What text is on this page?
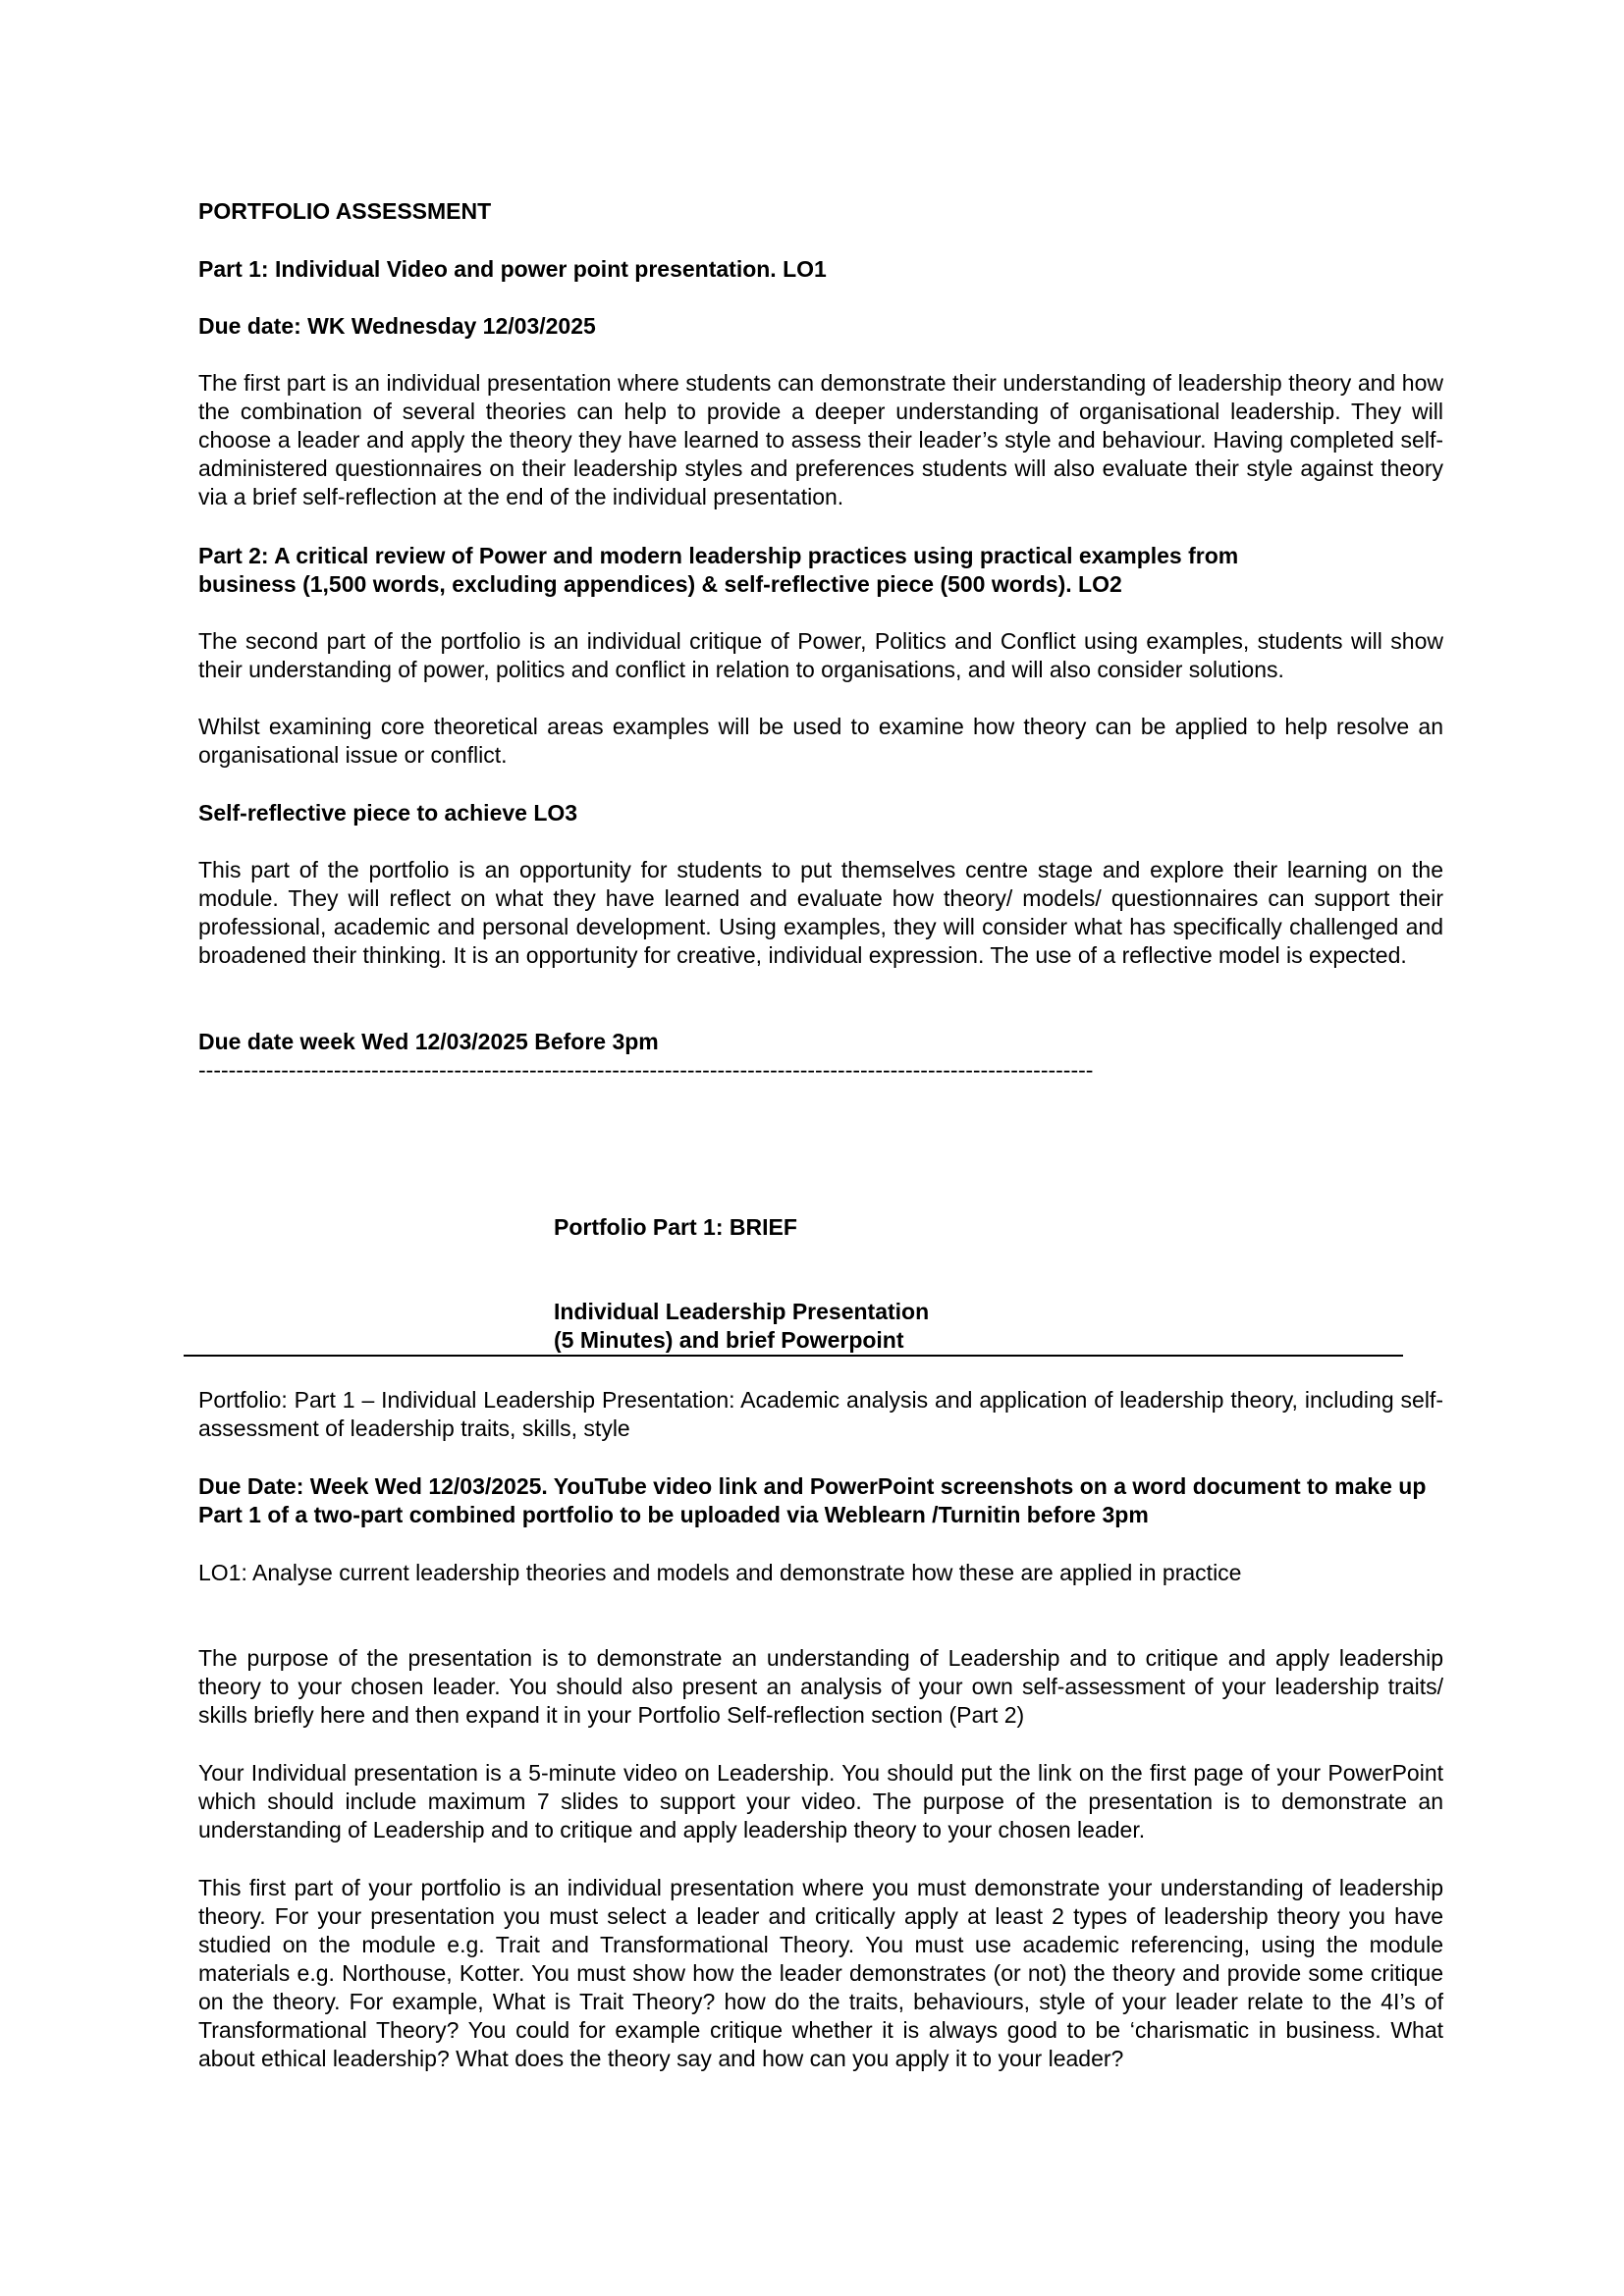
PORTFOLIO ASSESSMENT

Part 1: Individual Video and power point presentation. LO1

Due date: WK Wednesday 12/03/2025

The first part is an individual presentation where students can demonstrate their understanding of leadership theory and how the combination of several theories can help to provide a deeper understanding of organisational leadership. They will choose a leader and apply the theory they have learned to assess their leader’s style and behaviour. Having completed self-administered questionnaires on their leadership styles and preferences students will also evaluate their style against theory via a brief self-reflection at the end of the individual presentation.

Part 2: A critical review of Power and modern leadership practices using practical examples from

business (1,500 words, excluding appendices) & self-reflective piece (500 words). LO2

The second part of the portfolio is an individual critique of Power, Politics and Conflict using examples, students will show their understanding of power, politics and conflict in relation to organisations, and will also consider solutions.

Whilst examining core theoretical areas examples will be used to examine how theory can be applied to help resolve an organisational issue or conflict.

Self-reflective piece to achieve LO3

This part of the portfolio is an opportunity for students to put themselves centre stage and explore their learning on the module. They will reflect on what they have learned and evaluate how theory/ models/ questionnaires can support their professional, academic and personal development. Using examples, they will consider what has specifically challenged and broadened their thinking. It is an opportunity for creative, individual expression. The use of a reflective model is expected.

Due date week Wed 12/03/2025 Before 3pm

-----------------------------------------------------------------------------------------------------------------------

Portfolio Part 1: BRIEF

Individual Leadership Presentation

(5 Minutes) and brief Powerpoint

Portfolio: Part 1 – Individual Leadership Presentation: Academic analysis and application of leadership theory, including self-assessment of leadership traits, skills, style

Due Date: Week Wed 12/03/2025. YouTube video link and PowerPoint screenshots on a word document to make up Part 1 of a two-part combined portfolio to be uploaded via Weblearn /Turnitin before 3pm

LO1: Analyse current leadership theories and models and demonstrate how these are applied in practice

The purpose of the presentation is to demonstrate an understanding of Leadership and to critique and apply leadership theory to your chosen leader. You should also present an analysis of your own self-assessment of your leadership traits/ skills briefly here and then expand it in your Portfolio Self-reflection section (Part 2)

Your Individual presentation is a 5-minute video on Leadership. You should put the link on the first page of your PowerPoint which should include maximum 7 slides to support your video. The purpose of the presentation is to demonstrate an understanding of Leadership and to critique and apply leadership theory to your chosen leader.

This first part of your portfolio is an individual presentation where you must demonstrate your understanding of leadership theory. For your presentation you must select a leader and critically apply at least 2 types of leadership theory you have studied on the module e.g. Trait and Transformational Theory. You must use academic referencing, using the module materials e.g. Northouse, Kotter. You must show how the leader demonstrates (or not) the theory and provide some critique on the theory. For example, What is Trait Theory? how do the traits, behaviours, style of your leader relate to the 4I’s of Transformational Theory? You could for example critique whether it is always good to be ‘charismatic in business. What about ethical leadership? What does the theory say and how can you apply it to your leader?
